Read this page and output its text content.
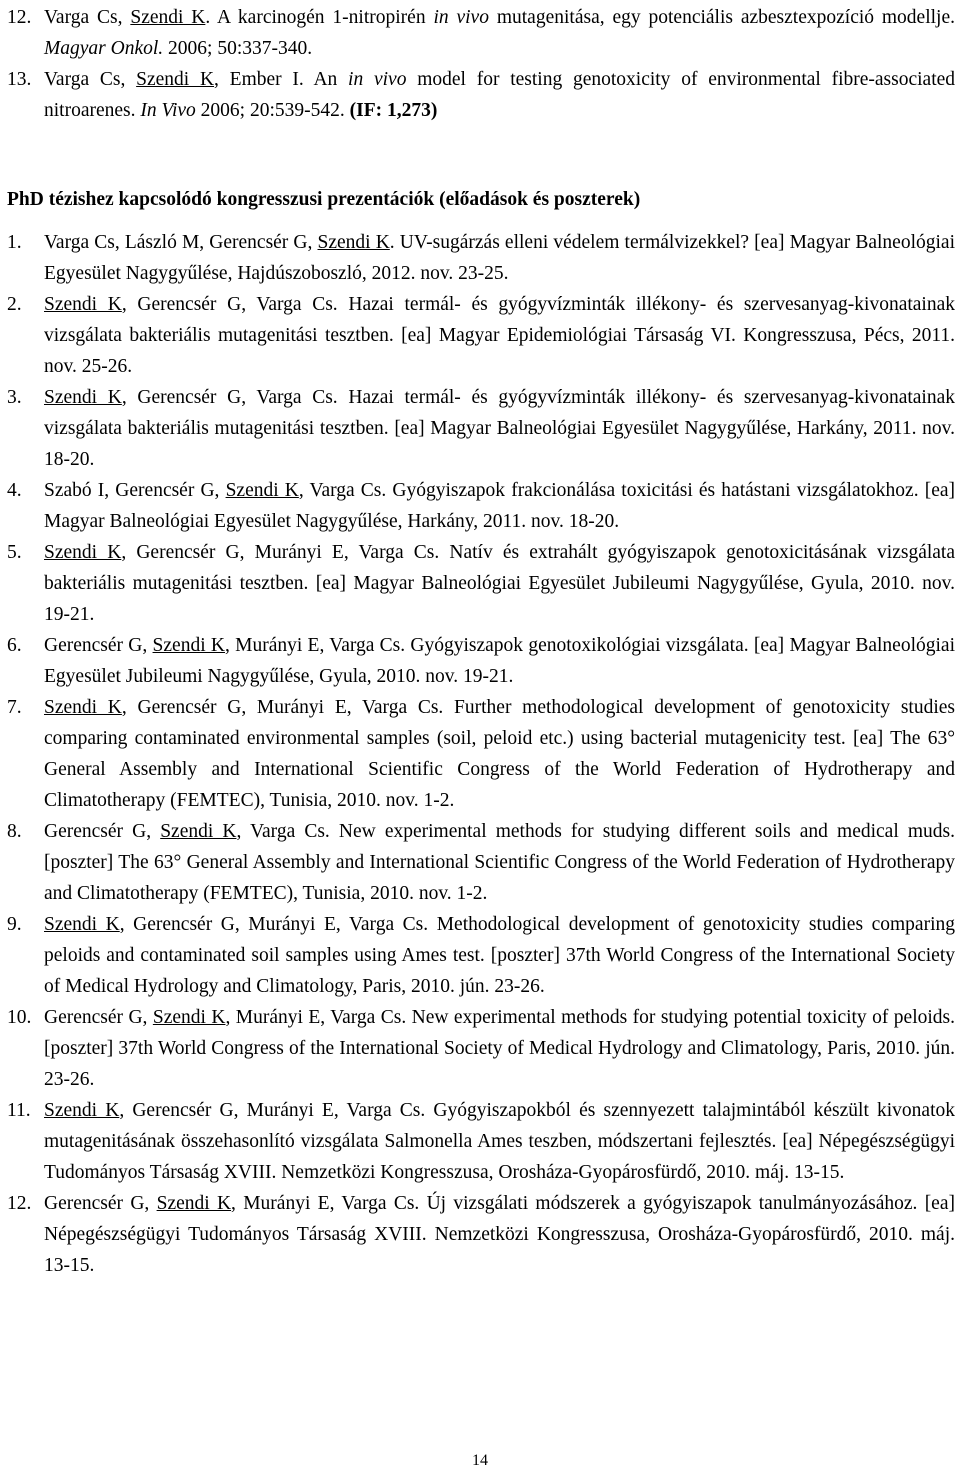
12. Varga Cs, Szendi K. A karcinogén 1-nitropirén in vivo mutagenitása, egy potenciális azbesztexpozíció modellje. Magyar Onkol. 2006; 50:337-340.
13. Varga Cs, Szendi K, Ember I. An in vivo model for testing genotoxicity of environmental fibre-associated nitroarenes. In Vivo 2006; 20:539-542. (IF: 1,273)
PhD tézishez kapcsolódó kongresszusi prezentációk (előadások és poszterek)
1.	Varga Cs, László M, Gerencsér G, Szendi K. UV-sugárzás elleni védelem termálvizekkel? [ea] Magyar Balneológiai Egyesület Nagygyűlése, Hajdúszoboszló, 2012. nov. 23-25.
2.	Szendi K, Gerencsér G, Varga Cs. Hazai termál- és gyógyvízminták illékony- és szervesanyag-kivonatainak vizsgálata bakteriális mutagenitási tesztben. [ea] Magyar Epidemiológiai Társaság VI. Kongresszusa, Pécs, 2011. nov. 25-26.
3.	Szendi K, Gerencsér G, Varga Cs. Hazai termál- és gyógyvízminták illékony- és szervesanyag-kivonatainak vizsgálata bakteriális mutagenitási tesztben. [ea] Magyar Balneológiai Egyesület Nagygyűlése, Harkány, 2011. nov. 18-20.
4.	Szabó I, Gerencsér G, Szendi K, Varga Cs. Gyógyiszapok frakcionálása toxicitási és hatástani vizsgálatokhoz. [ea] Magyar Balneológiai Egyesület Nagygyűlése, Harkány, 2011. nov. 18-20.
5.	Szendi K, Gerencsér G, Murányi E, Varga Cs. Natív és extrahált gyógyiszapok genotoxicitásának vizsgálata bakteriális mutagenitási tesztben. [ea] Magyar Balneológiai Egyesület Jubileumi Nagygyűlése, Gyula, 2010. nov. 19-21.
6.	Gerencsér G, Szendi K, Murányi E, Varga Cs. Gyógyiszapok genotoxikológiai vizsgálata. [ea] Magyar Balneológiai Egyesület Jubileumi Nagygyűlése, Gyula, 2010. nov. 19-21.
7.	Szendi K, Gerencsér G, Murányi E, Varga Cs. Further methodological development of genotoxicity studies comparing contaminated environmental samples (soil, peloid etc.) using bacterial mutagenicity test. [ea] The 63° General Assembly and International Scientific Congress of the World Federation of Hydrotherapy and Climatotherapy (FEMTEC), Tunisia, 2010. nov. 1-2.
8.	Gerencsér G, Szendi K, Varga Cs. New experimental methods for studying different soils and medical muds. [poszter] The 63° General Assembly and International Scientific Congress of the World Federation of Hydrotherapy and Climatotherapy (FEMTEC), Tunisia, 2010. nov. 1-2.
9.	Szendi K, Gerencsér G, Murányi E, Varga Cs. Methodological development of genotoxicity studies comparing peloids and contaminated soil samples using Ames test. [poszter] 37th World Congress of the International Society of Medical Hydrology and Climatology, Paris, 2010. jún. 23-26.
10. Gerencsér G, Szendi K, Murányi E, Varga Cs. New experimental methods for studying potential toxicity of peloids. [poszter] 37th World Congress of the International Society of Medical Hydrology and Climatology, Paris, 2010. jún. 23-26.
11. Szendi K, Gerencsér G, Murányi E, Varga Cs. Gyógyiszapokból és szennyezett talajmintából készült kivonatok mutagenitásának összehasonlító vizsgálata Salmonella Ames teszben, módszertani fejlesztés. [ea] Népegészségügyi Tudományos Társaság XVIII. Nemzetközi Kongresszusa, Orosháza-Gyopárosfürdő, 2010. máj. 13-15.
12. Gerencsér G, Szendi K, Murányi E, Varga Cs. Új vizsgálati módszerek a gyógyiszapok tanulmányozásához. [ea] Népegészségügyi Tudományos Társaság XVIII. Nemzetközi Kongresszusa, Orosháza-Gyopárosfürdő, 2010. máj. 13-15.
14
